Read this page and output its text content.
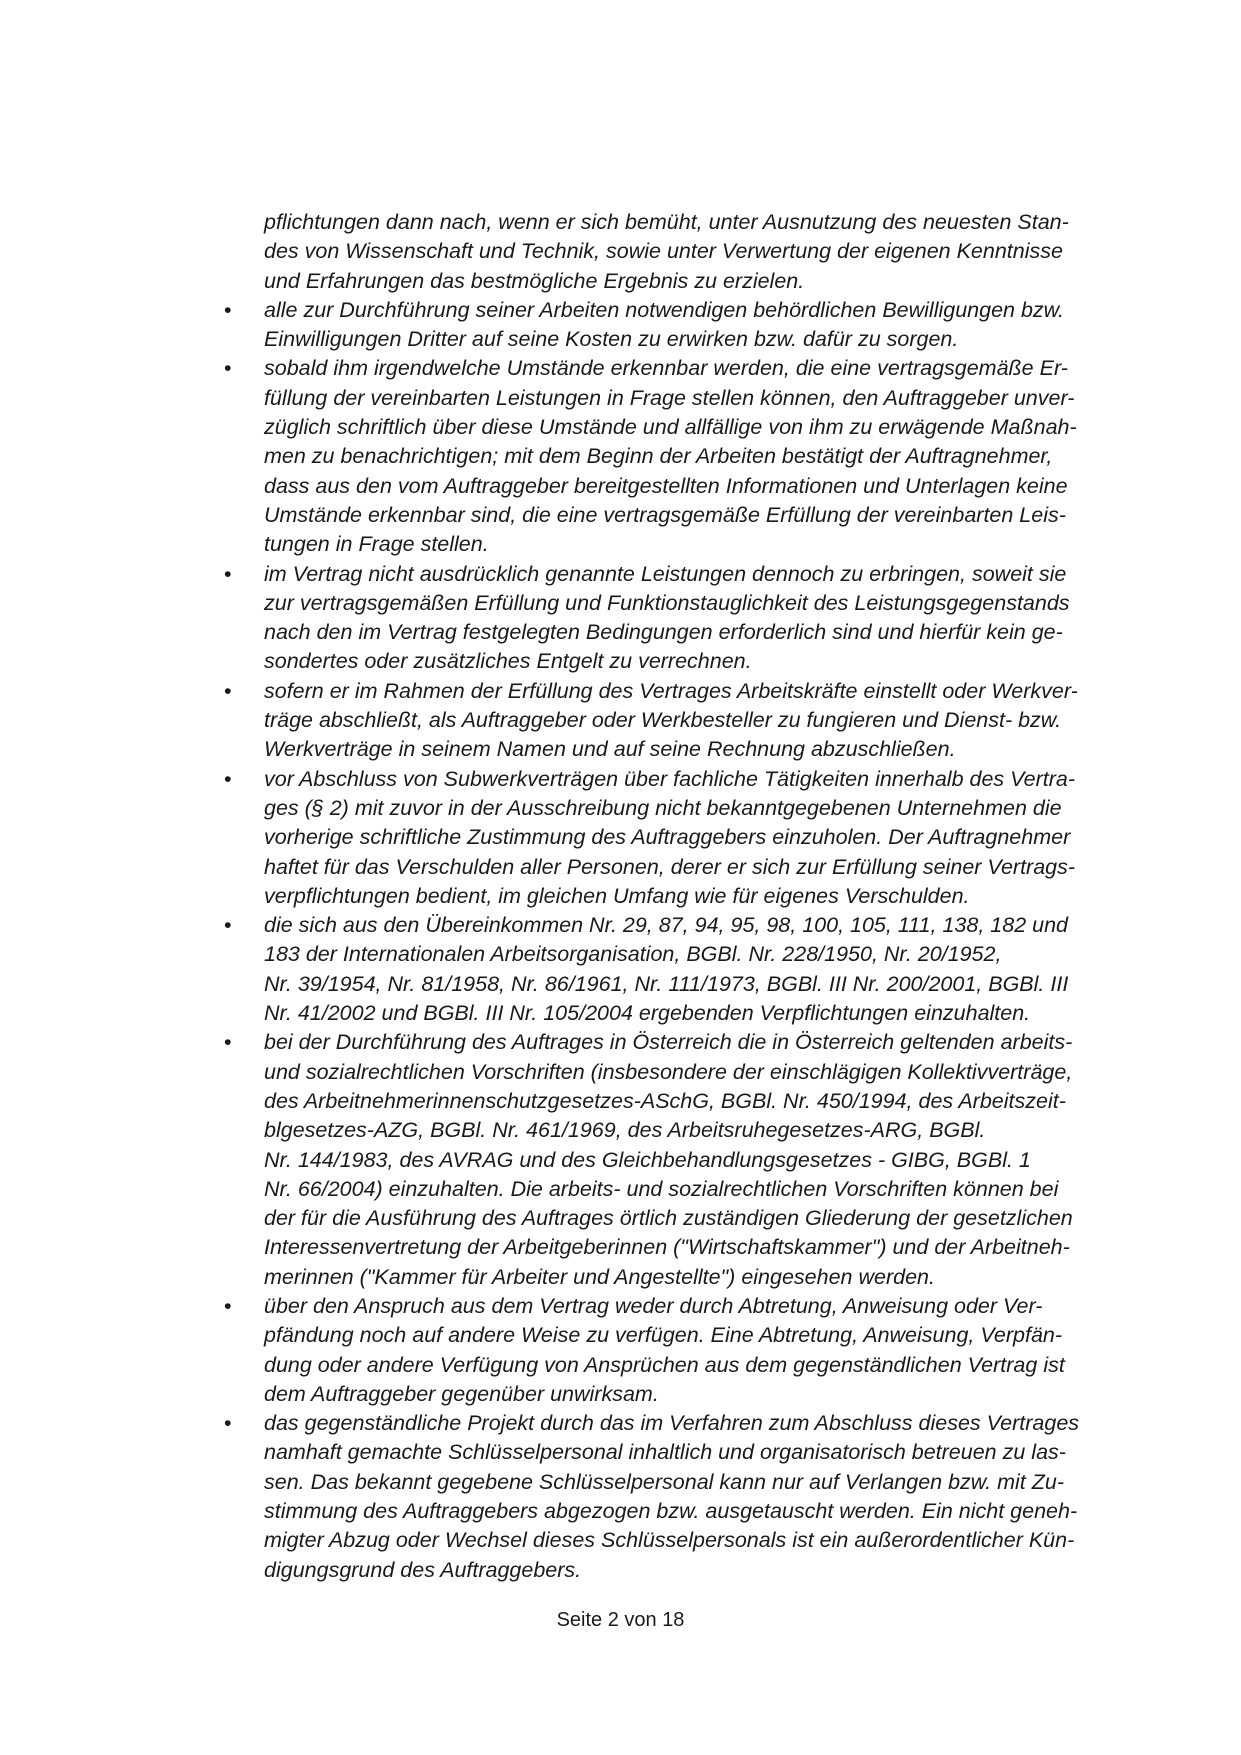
pflichtungen dann nach, wenn er sich bemüht, unter Ausnutzung des neuesten Stan-
des von Wissenschaft und Technik, sowie unter Verwertung der eigenen Kenntnisse
und Erfahrungen das bestmögliche Ergebnis zu erzielen.
• alle zur Durchführung seiner Arbeiten notwendigen behördlichen Bewilligungen bzw.
Einwilligungen Dritter auf seine Kosten zu erwirken bzw. dafür zu sorgen.
• sobald ihm irgendwelche Umstände erkennbar werden, die eine vertragsgemäße Er-
füllung der vereinbarten Leistungen in Frage stellen können, den Auftraggeber unver-
züglich schriftlich über diese Umstände und allfällige von ihm zu erwägende Maßnah-
men zu benachrichtigen; mit dem Beginn der Arbeiten bestätigt der Auftragnehmer,
dass aus den vom Auftraggeber bereitgestellten Informationen und Unterlagen keine
Umstände erkennbar sind, die eine vertragsgemäße Erfüllung der vereinbarten Leis-
tungen in Frage stellen.
• im Vertrag nicht ausdrücklich genannte Leistungen dennoch zu erbringen, soweit sie
zur vertragsgemäßen Erfüllung und Funktionstauglichkeit des Leistungsgegenstands
nach den im Vertrag festgelegten Bedingungen erforderlich sind und hierfür kein ge-
sondertes oder zusätzliches Entgelt zu verrechnen.
• sofern er im Rahmen der Erfüllung des Vertrages Arbeitskräfte einstellt oder Werkver-
träge abschließt, als Auftraggeber oder Werkbesteller zu fungieren und Dienst- bzw.
Werkverträge in seinem Namen und auf seine Rechnung abzuschließen.
• vor Abschluss von Subwerkverträgen über fachliche Tätigkeiten innerhalb des Vertra-
ges (§ 2) mit zuvor in der Ausschreibung nicht bekanntgegebenen Unternehmen die
vorherige schriftliche Zustimmung des Auftraggebers einzuholen. Der Auftragnehmer
haftet für das Verschulden aller Personen, derer er sich zur Erfüllung seiner Vertrags-
verpflichtungen bedient, im gleichen Umfang wie für eigenes Verschulden.
• die sich aus den Übereinkommen Nr. 29, 87, 94, 95, 98, 100, 105, 111, 138, 182 und
183 der Internationalen Arbeitsorganisation, BGBl. Nr. 228/1950, Nr. 20/1952,
Nr. 39/1954, Nr. 81/1958, Nr. 86/1961, Nr. 111/1973, BGBl. III Nr. 200/2001, BGBl. III
Nr. 41/2002 und BGBl. III Nr. 105/2004 ergebenden Verpflichtungen einzuhalten.
• bei der Durchführung des Auftrages in Österreich die in Österreich geltenden arbeits-
und sozialrechtlichen Vorschriften (insbesondere der einschlägigen Kollektivverträge,
des Arbeitnehmerinnenschutzgesetzes-ASchG, BGBl. Nr. 450/1994, des Arbeitszeit-
blgesetzes-AZG, BGBl. Nr. 461/1969, des Arbeitsruhegesetzes-ARG, BGBl.
Nr. 144/1983, des AVRAG und des Gleichbehandlungsgesetzes - GIBG, BGBl. 1
Nr. 66/2004) einzuhalten. Die arbeits- und sozialrechtlichen Vorschriften können bei
der für die Ausführung des Auftrages örtlich zuständigen Gliederung der gesetzlichen
Interessenvertretung der Arbeitgeberinnen ("Wirtschaftskammer") und der Arbeitneh-
merinnen ("Kammer für Arbeiter und Angestellte") eingesehen werden.
• über den Anspruch aus dem Vertrag weder durch Abtretung, Anweisung oder Ver-
pfändung noch auf andere Weise zu verfügen. Eine Abtretung, Anweisung, Verpfän-
dung oder andere Verfügung von Ansprüchen aus dem gegenständlichen Vertrag ist
dem Auftraggeber gegenüber unwirksam.
• das gegenständliche Projekt durch das im Verfahren zum Abschluss dieses Vertrages
namhaft gemachte Schlüsselpersonal inhaltlich und organisatorisch betreuen zu las-
sen. Das bekannt gegebene Schlüsselpersonal kann nur auf Verlangen bzw. mit Zu-
stimmung des Auftraggebers abgezogen bzw. ausgetauscht werden. Ein nicht geneh-
migter Abzug oder Wechsel dieses Schlüsselpersonals ist ein außerordentlicher Kün-
digungsgrund des Auftraggebers.
Seite 2 von 18
